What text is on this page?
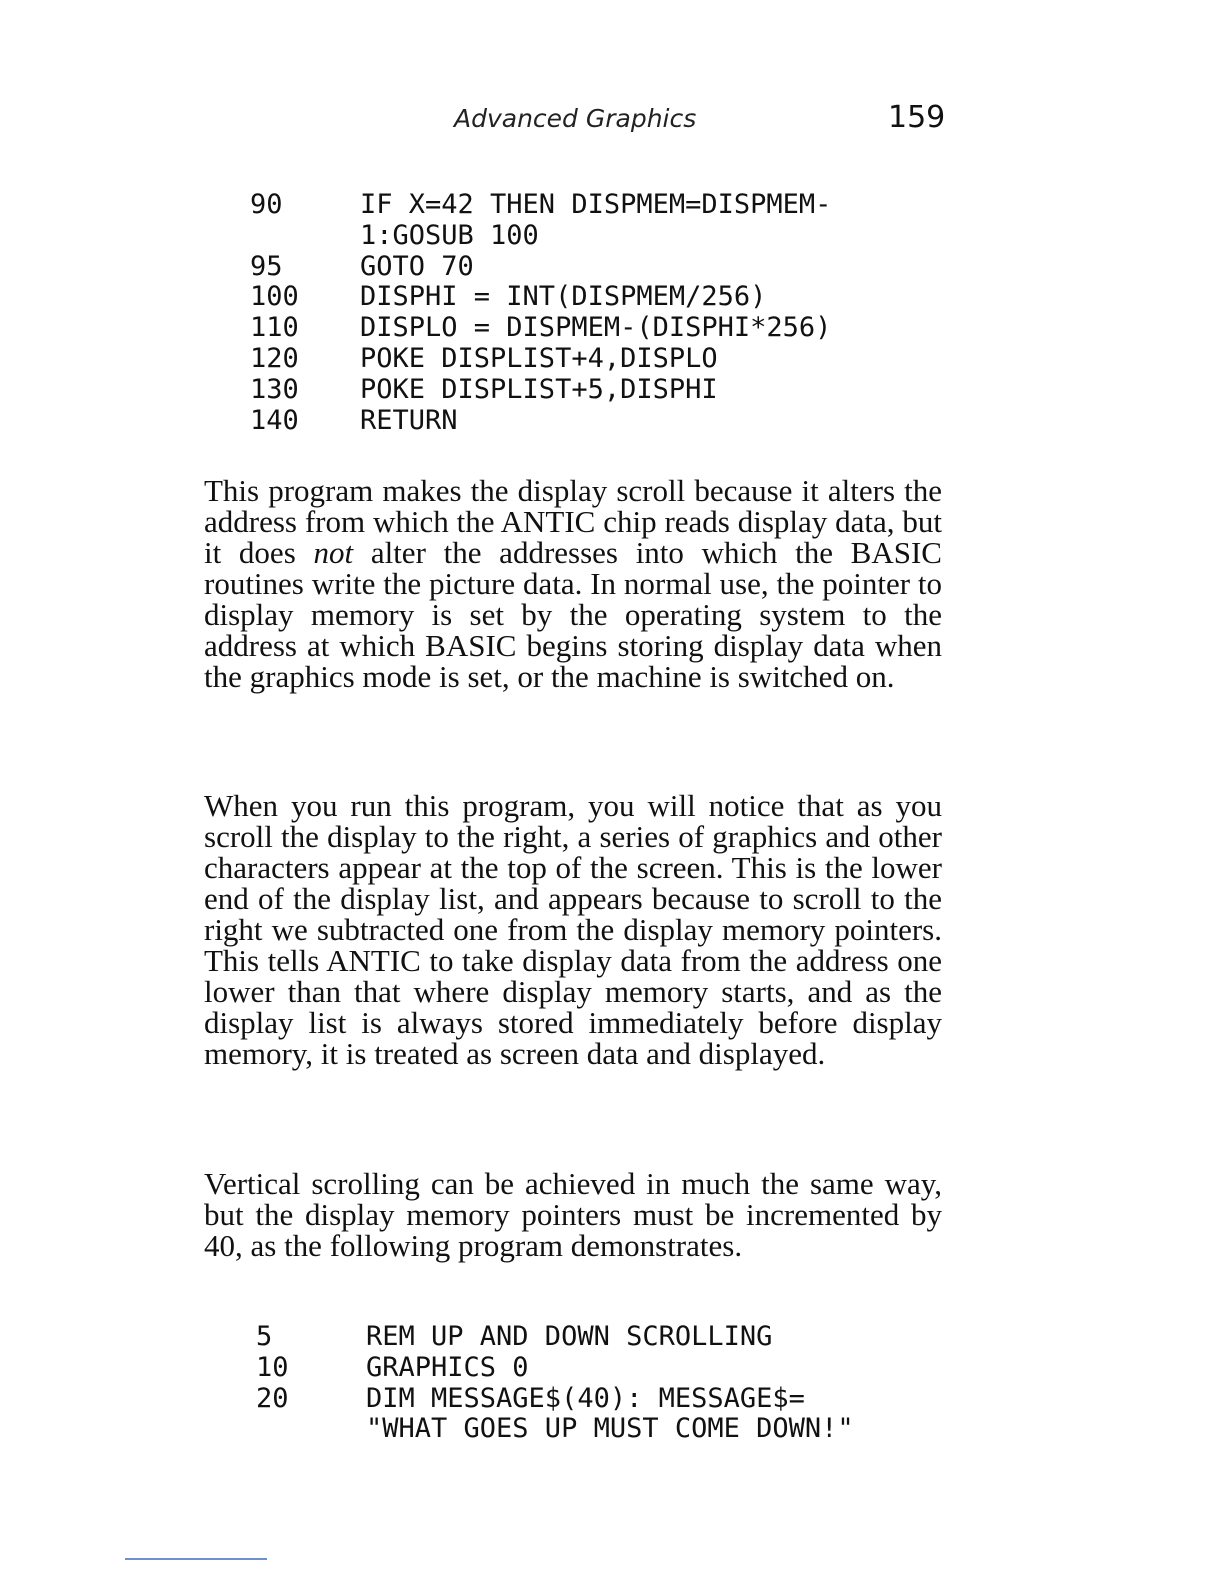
Advanced Graphics	159
90	IF X=42 THEN DISPMEM=DISPMEM-
1:GOSUB 100
95	GOTO 70
100	DISPHI = INT(DISPMEM/256)
110	DISPLO = DISPMEM-(DISPHI*256)
120	POKE DISPLIST+4,DISPLO
130	POKE DISPLIST+5,DISPHI
140	RETURN
This program makes the display scroll because it alters the address from which the ANTIC chip reads display data, but it does not alter the addresses into which the BASIC routines write the picture data. In normal use, the pointer to display memory is set by the operating system to the address at which BASIC begins storing display data when the graphics mode is set, or the machine is switched on.
When you run this program, you will notice that as you scroll the display to the right, a series of graphics and other characters appear at the top of the screen. This is the lower end of the display list, and appears because to scroll to the right we subtracted one from the display memory pointers. This tells ANTIC to take display data from the address one lower than that where display memory starts, and as the display list is always stored immediately before display memory, it is treated as screen data and displayed.
Vertical scrolling can be achieved in much the same way, but the display memory pointers must be incremented by 40, as the following program demonstrates.
5	REM UP AND DOWN SCROLLING
10	GRAPHICS 0
20	DIM MESSAGE$(40): MESSAGE$=
"WHAT GOES UP MUST COME DOWN!"
